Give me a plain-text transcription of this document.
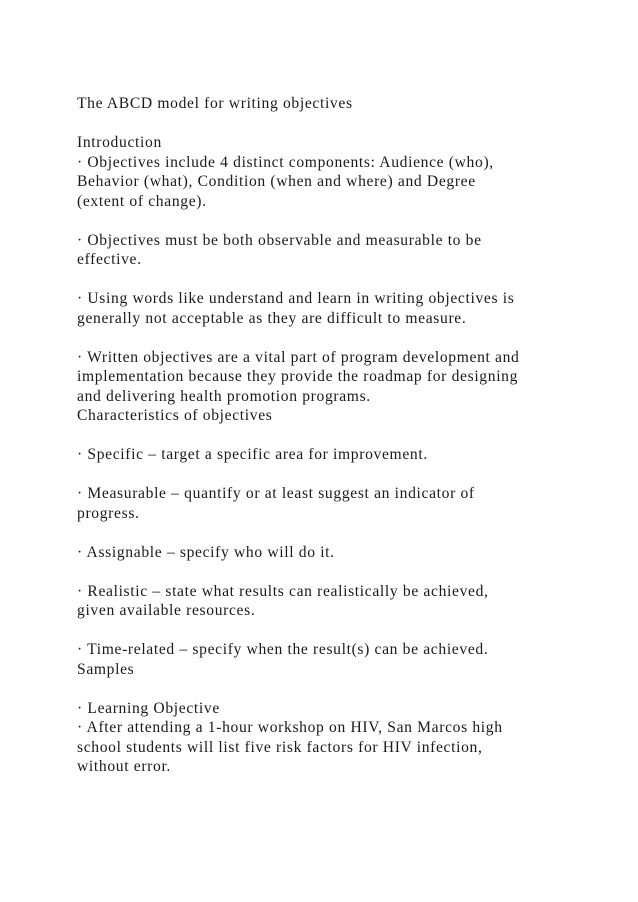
The ABCD model for writing objectives
Introduction
· Objectives include 4 distinct components: Audience (who),
Behavior (what), Condition (when and where) and Degree
(extent of change).
· Objectives must be both observable and measurable to be
effective.
· Using words like understand and learn in writing objectives is
generally not acceptable as they are difficult to measure.
· Written objectives are a vital part of program development and
implementation because they provide the roadmap for designing
and delivering health promotion programs.
Characteristics of objectives
· Specific – target a specific area for improvement.
· Measurable – quantify or at least suggest an indicator of
progress.
· Assignable – specify who will do it.
· Realistic – state what results can realistically be achieved,
given available resources.
· Time-related – specify when the result(s) can be achieved.
Samples
· Learning Objective
· After attending a 1-hour workshop on HIV, San Marcos high
school students will list five risk factors for HIV infection,
without error.
